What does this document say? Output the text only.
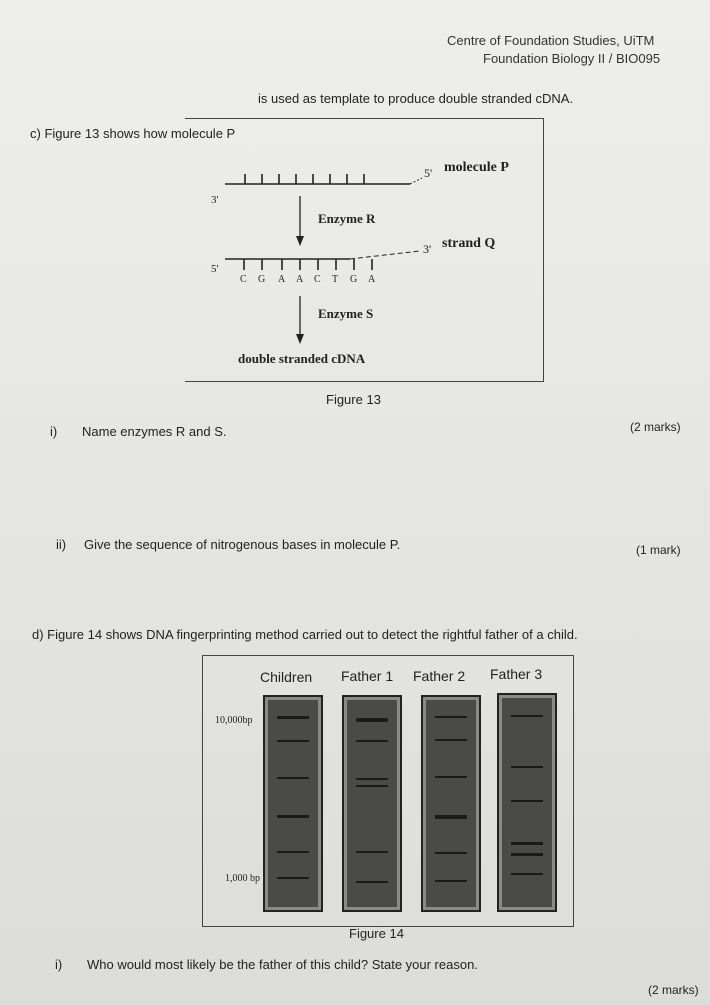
Centre of Foundation Studies, UiTM
Foundation Biology II / BIO095
c) Figure 13 shows how molecule P
is used as template to produce double stranded cDNA.
5' molecule P
3'
Enzyme R
3' strand Q
5'
C G A A C T G A
Enzyme S
double stranded cDNA
Figure 13
i) Name enzymes R and S.	(2 marks)
ii) Give the sequence of nitrogenous bases in molecule P.	(1 mark)
d) Figure 14 shows DNA fingerprinting method carried out to detect the rightful father of a child.
Children Father 1 Father 2 Father 3
10,000bp
1,000 bp
Figure 14
i) Who would most likely be the father of this child? State your reason.
(2 marks)
